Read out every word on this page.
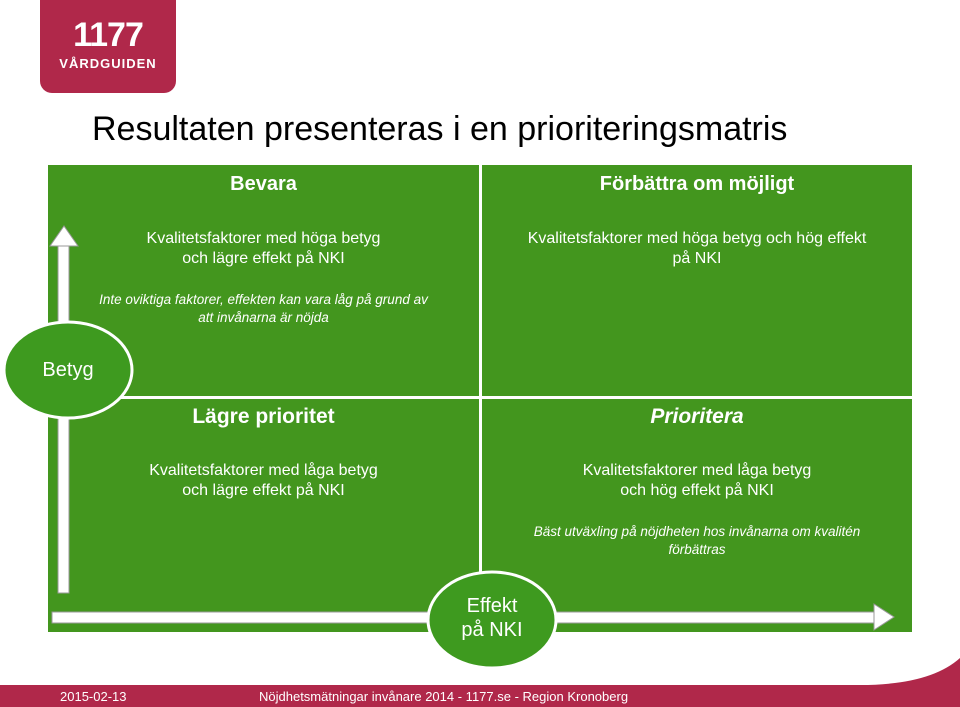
1177
VÅRDGUIDEN
Resultaten presenteras i en prioriteringsmatris
Bevara
Kvalitetsfaktorer med höga betyg
och lägre effekt på NKI
Inte oviktiga faktorer, effekten kan vara låg på grund av
att invånarna är nöjda
Förbättra om möjligt
Kvalitetsfaktorer med höga betyg och hög effekt
på NKI
Lägre prioritet
Kvalitetsfaktorer med låga betyg
och lägre effekt på NKI
Prioritera
Kvalitetsfaktorer med låga betyg
och hög effekt på NKI
Bäst utväxling på nöjdheten hos invånarna om kvalitén
förbättras
Betyg
Effekt
på NKI
2015-02-13	Nöjdhetsmätningar invånare 2014 - 1177.se - Region Kronoberg
